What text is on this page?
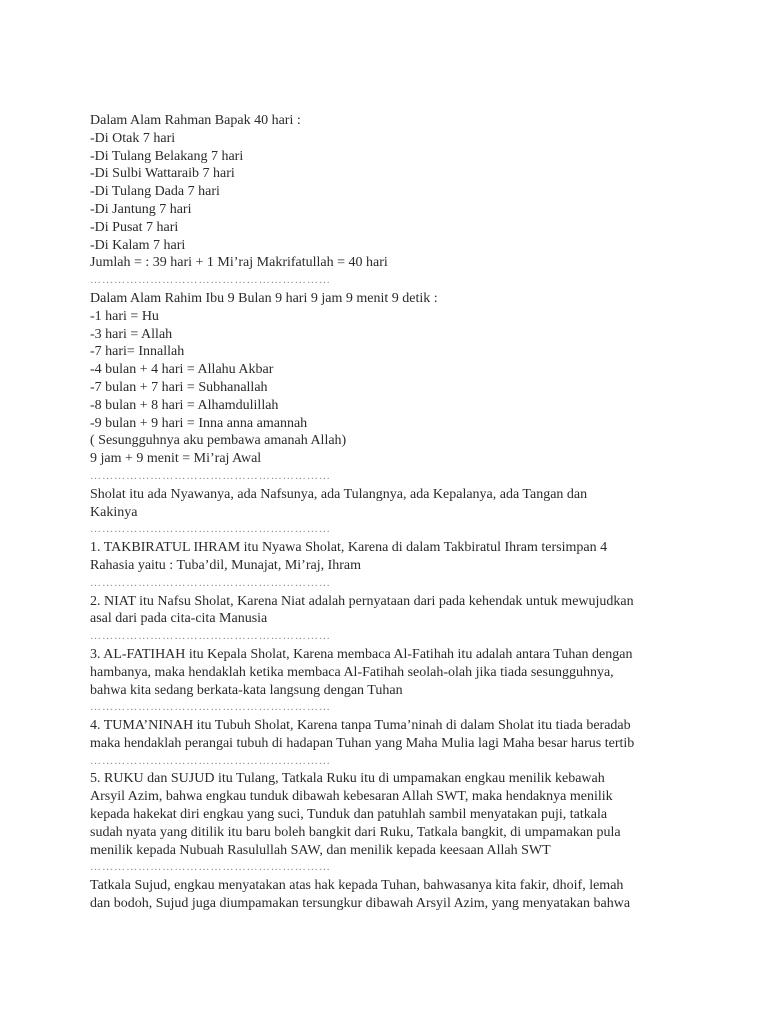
Dalam Alam Rahman Bapak 40 hari :
-Di Otak 7 hari
-Di Tulang Belakang 7 hari
-Di Sulbi Wattaraib 7 hari
-Di Tulang Dada 7 hari
-Di Jantung 7 hari
-Di Pusat 7 hari
-Di Kalam 7 hari
Jumlah = : 39 hari + 1 Mi’raj Makrifatullah = 40 hari
……………………………………………………
Dalam Alam Rahim Ibu 9 Bulan 9 hari 9 jam 9 menit 9 detik :
-1 hari = Hu
-3 hari = Allah
-7 hari= Innallah
-4 bulan + 4 hari = Allahu Akbar
-7 bulan + 7 hari = Subhanallah
-8 bulan + 8 hari = Alhamdulillah
-9 bulan + 9 hari = Inna anna amannah
( Sesungguhnya aku pembawa amanah Allah)
9 jam + 9 menit = Mi’raj Awal
……………………………………………………
Sholat itu ada Nyawanya, ada Nafsunya, ada Tulangnya, ada Kepalanya, ada Tangan dan
Kakinya
……………………………………………………
1. TAKBIRATUL IHRAM itu Nyawa Sholat, Karena di dalam Takbiratul Ihram tersimpan 4
Rahasia yaitu : Tuba’dil, Munajat, Mi’raj, Ihram
……………………………………………………
2. NIAT itu Nafsu Sholat, Karena Niat adalah pernyataan dari pada kehendak untuk mewujudkan
asal dari pada cita-cita Manusia
……………………………………………………
3. AL-FATIHAH itu Kepala Sholat, Karena membaca Al-Fatihah itu adalah antara Tuhan dengan
hambanya, maka hendaklah ketika membaca Al-Fatihah seolah-olah jika tiada sesungguhnya,
bahwa kita sedang berkata-kata langsung dengan Tuhan
……………………………………………………
4. TUMA’NINAH itu Tubuh Sholat, Karena tanpa Tuma’ninah di dalam Sholat itu tiada beradab
maka hendaklah perangai tubuh di hadapan Tuhan yang Maha Mulia lagi Maha besar harus tertib
……………………………………………………
5. RUKU dan SUJUD itu Tulang, Tatkala Ruku itu di umpamakan engkau menilik kebawah
Arsyil Azim, bahwa engkau tunduk dibawah kebesaran Allah SWT, maka hendaknya menilik
kepada hakekat diri engkau yang suci, Tunduk dan patuhlah sambil menyatakan puji, tatkala
sudah nyata yang ditilik itu baru boleh bangkit dari Ruku, Tatkala bangkit, di umpamakan pula
menilik kepada Nubuah Rasulullah SAW, dan menilik kepada keesaan Allah SWT
……………………………………………………
Tatkala Sujud, engkau menyatakan atas hak kepada Tuhan, bahwasanya kita fakir, dhoif, lemah
dan bodoh, Sujud juga diumpamakan tersungkur dibawah Arsyil Azim, yang menyatakan bahwa
